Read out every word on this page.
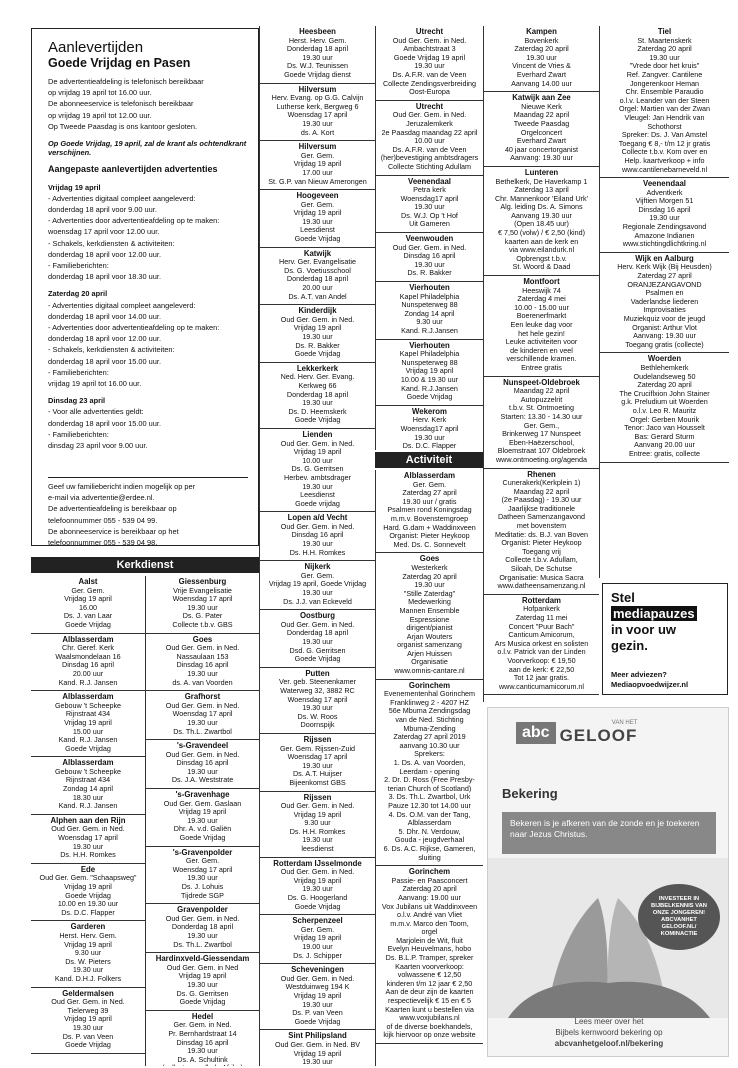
Aanlevertijden
Goede Vrijdag en Pasen

De advertentieafdeling is telefonisch bereikbaar

op vrijdag 19 april tot 16.00 uur.

De abonneeservice is telefonisch bereikbaar

op vrijdag 19 april tot 12.00 uur.

Op Tweede Paasdag is ons kantoor gesloten.

Op Goede Vrijdag, 19 april, zal de krant als ochtendkrant verschijnen.

Aangepaste aanlevertijden advertenties

Vrijdag 19 april

- Advertenties digitaal compleet aangeleverd:

donderdag 18 april voor 9.00 uur.

- Advertenties door advertentieafdeling op te maken:

woensdag 17 april voor 12.00 uur.

- Schakels, kerkdiensten & activiteiten:

donderdag 18 april voor 12.00 uur.

- Familieberichten:

donderdag 18 april voor 18.30 uur.

Zaterdag 20 april

- Advertenties digitaal compleet aangeleverd:

donderdag 18 april voor 14.00 uur.

- Advertenties door advertentieafdeling op te maken:

donderdag 18 april voor 12.00 uur.

- Schakels, kerkdiensten & activiteiten:

donderdag 18 april voor 15.00 uur.

- Familieberichten:

vrijdag 19 april tot 16.00 uur.

Dinsdag 23 april

- Voor alle advertenties geldt:

donderdag 18 april voor 15.00 uur.

- Familieberichten:

dinsdag 23 april voor 9.00 uur.

Geef uw familiebericht indien mogelijk op per

e-mail via advertentie@erdee.nl.

De advertentieafdeling is bereikbaar op

telefoonnummer 055 - 539 04 99.

De abonneeservice is bereikbaar op het

telefoonnummer 055 - 539 04 98.

Kerkdienst
Activiteit
Aalst
Ger. Gem.
Vrijdag 19 april
16.00
Ds. J. van Laar
Goede Vrijdag
Alblasserdam
Chr. Geref. Kerk
Waalsmondelaan 16
Dinsdag 16 april
20.00 uur
Kand. R.J. Jansen
Alblasserdam
Gebouw 't Scheepke
Rijnstraat 434
Vrijdag 19 april
15.00 uur
Kand. R.J. Jansen
Goede Vrijdag
Alblasserdam
Gebouw 't Scheepke
Rijnstraat 434
Zondag 14 april
18.30 uur
Kand. R.J. Jansen
Alphen aan den Rijn
Oud Ger. Gem. in Ned.
Woensdag 17 april
19.30 uur
Ds. H.H. Romkes
Ede
Oud Ger. Gem. "Schaapsweg"
Vrijdag 19 april
Goede Vrijdag
10.00 en 19.30 uur
Ds. D.C. Flapper
Garderen
Herst. Herv. Gem.
Vrijdag 19 april
9.30 uur
Ds. W. Pieters
19.30 uur
Kand. D.H.J. Folkers
Geldermalsen
Oud Ger. Gem. in Ned.
Tielerweg 39
Vrijdag 19 april
19.30 uur
Ds. P. van Veen
Goede Vrijdag
Giessenburg
Vrije Evangelisatie
Woensdag 17 april
19.30 uur
Ds. G. Pater
Collecte t.b.v. GBS
Goes
Oud Ger. Gem. in Ned.
Nassaulaan 153
Dinsdag 16 april
19.30 uur
ds. A. van Voorden
Grafhorst
Oud Ger. Gem. in Ned.
Woensdag 17 april
19.30 uur
Ds. Th.L. Zwartbol
's-Gravendeel
Oud Ger. Gem. in Ned.
Dinsdag 16 april
19.30 uur
Ds. J.A. Weststrate
's-Gravenhage
Oud Ger. Gem. Gaslaan
Vrijdag 19 april
19.30 uur
Dhr. A. v.d. Galiën
Goede Vrijdag
's-Gravenpolder
Ger. Gem.
Woensdag 17 april
19.30 uur
Ds. J. Lohuis
Tijdrede SGP
Gravenpolder
Oud Ger. Gem. in Ned.
Donderdag 18 april
19.30 uur
Ds. Th.L. Zwartbol
Hardinxveld-Giessendam
Oud Ger. Gem. in Ned
Vrijdag 19 april
19.30 uur
Ds. G. Gerritsen
Goede Vrijdag
Hedel
Ger. Gem. in Ned.
Pr. Bernhardstraat 14
Dinsdag 16 april
19.30 uur
Ds. A. Schultink
Heesbeen
Herst. Herv. Gem.
Donderdag 18 april
19.30 uur
Ds. W.J. Teunissen
Goede Vrijdag dienst
Hilversum
Herv. Evang. op G.G. Calvijn
Lutherse kerk, Bergweg 6
Woensdag 17 april
19.30 uur
ds. A. Kort
Hilversum
Ger. Gem.
Vrijdag 19 april
17.00 uur
St. G.P. van Nieuw Amerongen
Hoogeveen
Ger. Gem.
Vrijdag 19 april
19.30 uur
Leesdienst
Goede Vrijdag
Katwijk
Herv. Ger. Evangelisatie
Ds. G. Voetiusschool
Donderdag 18 april
20.00 uur
Ds. A.T. van Andel
Kinderdijk
Oud Ger. Gem. in Ned.
Vrijdag 19 april
19.30 uur
Ds. R. Bakker
Goede Vrijdag
Lekkerkerk
Ned. Herv. Ger. Evang.
Kerkweg 66
Donderdag 18 april
19.30 uur
Ds. D. Heemskerk
Goede Vrijdag
Lienden
Oud Ger. Gem. in Ned.
Vrijdag 19 april
10.00 uur
Ds. G. Gerritsen
Herbev. ambtsdrager
19.30 uur
Leesdienst
Goede vrijdag
Lopen a/d Vecht
Oud Ger. Gem. in Ned.
Dinsdag 16 april
19.30 uur
Ds. H.H. Romkes
Nijkerk
Ger. Gem.
Vrijdag 19 april, Goede Vrijdag
19.30 uur
Ds. J.J. van Eckeveld
Oostburg
Oud Ger. Gem. in Ned.
Donderdag 18 april
19.30 uur
Dsd. G. Gerritsen
Goede Vrijdag
Putten
Ver. geb. Steenenkamer
Waterweg 32, 3882 RC
Woensdag 17 april
19.30 uur
Ds. W. Roos
Doornspijk
Rijssen
Ger. Gem. Rijssen-Zuid
Woensdag 17 april
19.30 uur
Ds. A.T. Huijser
Bijeenkomst GBS
Rijssen
Oud Ger. Gem. in Ned.
Vrijdag 19 april
9.30 uur
Ds. H.H. Romkes
19.30 uur
leesdienst
Rotterdam IJsselmonde
Oud Ger. Gem. in Ned.
Vrijdag 19 april
19.30 uur
Ds. G. Hoogerland
Goede Vrijdag
Scherpenzeel
Ger. Gem.
Vrijdag 19 april
19.00 uur
Ds. J. Schipper
Scheveningen
Oud Ger. Gem. in Ned.
Westduinweg 194 K
Vrijdag 19 april
19.30 uur
Ds. P. van Veen
Goede Vrijdag
Sint Philipsland
Oud Ger. Gem. in Ned. BV
Vrijdag 19 april
19.30 uur
Utrecht
Oud Ger. Gem. in Ned.
Ambachtstraat 3
Goede Vrijdag 19 april
19.30 uur
Ds. A.F.R. van de Veen
Collecte Zendingsverbreiding
Oost-Europa
Utrecht
Oud Ger. Gem. in Ned.
Jeruzalemkerk
2e Paasdag maandag 22 april
10.00 uur
Ds. A.F.R. van de Veen
(her)bevestiging ambtsdragers
Collecte Stichting Adullam
Veenendaal
Petra kerk
Woensdag17 april
19.30 uur
Ds. W.J. Op 't Hof
Uit Gameren
Veenwouden
Oud Ger. Gem. in Ned.
Dinsdag 16 april
19.30 uur
Ds. R. Bakker
Vierhouten
Kapel Philadelphia
Nunspeterweg 88
Zondag 14 april
9.30 uur
Kand. R.J.Jansen
Vierhouten
Kapel Philadelphia
Nunspeterweg 88
Vrijdag 19 april
10.00 & 19.30 uur
Kand. R.J.Jansen
Goede Vrijdag
Wekerom
Herv. Kerk
Woensdag17 april
19.30 uur
Ds. D.C. Flapper
Alblasserdam
Ger. Gem.
Zaterdag 27 april
19.30 uur / gratis
Psalmen rond Koningsdag
m.m.v. Bovenstemgroep
Hard. G.dam + Waddinxveen
Organist: Pieter Heykoop
Med. Ds. C. Sonnevelt
Goes
Westerkerk
Zaterdag 20 april
19.30 uur
"Stille Zaterdag"
Medewerking
Mannen Ensemble
Espressione
dirigent/pianist
Arjan Wouters
organist samenzang
Arjen Huissen
Organisatie
www.omnis-cantare.nl
Gorinchem
Evenementenhal Gorinchem
Franklinweg 2 - 4207 HZ
56e Mbuma Zendingsdag
van de Ned. Stichting
Mbuma-Zending
Zaterdag 27 april 2019
aanvang 10.30 uur
Sprekers:
1. Ds. A. van Voorden,
Leerdam - opening
2. Dr. D. Ross (Free Presby-
terian Church of Scotland)
3. Ds. Th.L. Zwartbol, Urk
Pauze 12.30 tot 14.00 uur
4. Ds. O.M. van der Tang,
Alblasserdam
5. Dhr. N. Verdouw,
Gouda - jeugdverhaal
6. Ds. A.C. Rijkse, Gameren,
sluiting
Gorinchem
Passie- en Paasconcert
Zaterdag 20 april
Aanvang: 19.00 uur
Vox Jubilans uit Waddinxveen
o.l.v. André van Vliet
m.m.v. Marco den Toom,
orgel
Marjolein de Wit, fluit
Evelyn Heuvelmans, hobo
Ds. B.L.P. Tramper, spreker
Kaarten voorverkoop:
volwassene € 12,50
kinderen t/m 12 jaar € 2,50
Aan de deur zijn de kaarten
respectievelijk € 15 en € 5
Kaarten kunt u bestellen via
www.voxjubilans.nl
of de diverse boekhandels,
kijk hiervoor op onze website
Kampen
Bovenkerk
Zaterdag 20 april
19.30 uur
Vincent de Vries &
Everhard Zwart
Aanvang 14.00 uur
Katwijk aan Zee
Nieuwe Kerk
Maandag 22 april
Tweede Paasdag
Orgelconcert
Everhard Zwart
40 jaar concertorganist
Aanvang: 19.30 uur
Lunteren
Bethelkerk, De Haverkamp 1
Zaterdag 13 april
Chr. Mannenkoor 'Eiland Urk'
Alg. leiding Ds. A. Simons
Aanvang 19.30 uur
(Open 18.45 uur)
€ 7,50 (volw) / € 2,50 (kind)
kaarten aan de kerk en
via www.eilandurk.nl
Opbrengst t.b.v.
St. Woord & Daad
Montfoort
Heeswijk 74
Zaterdag 4 mei
10.00 - 15.00 uur
Boerenerfmarkt
Een leuke dag voor
het hele gezin!
Leuke activiteiten voor
de kinderen en veel
verschillende kramen.
Entree gratis
Nunspeet-Oldebroek
Maandag 22 april
Autopuzzelrit
t.b.v. St. Ontmoeting
Starten: 13.30 - 14.30 uur
Ger. Gem.,
Brinkerweg 17 Nunspeet
Eben-Haëzerschool,
Bloemstraat 107 Oldebroek
www.ontmoeting.org/agenda
Rhenen
Cunerakerk(Kerkplein 1)
Maandag 22 april
(2e Paasdag) - 19.30 uur
Jaarlijkse traditionele
Datheen Samenzangavond
met bovenstem
Meditatie: ds. B.J. van Boven
Organist: Pieter Heykoop
Toegang vrij
Collecte t.b.v. Adullam,
Siloah, De Schutse
Organisatie: Musica Sacra
www.datheensamenzang.nl
Rotterdam
Hofpankerk
Zaterdag 11 mei
Concert "Puur Bach"
Canticum Amicorum,
Ars Musica orkest en solisten
o.l.v. Patrick van der Linden
Voorverkoop: € 19,50
aan de kerk: € 22,50
Tot 12 jaar gratis.
www.canticumamicorum.nl
Tiel
St. Maartenskerk
Zaterdag 20 april
19.30 uur
"Vrede door het kruis"
Ref. Zangver. Cantilene
Jongerenkoor Heman
Chr. Ensemble Paraudio
o.l.v. Leander van der Steen
Orgel: Martien van der Zwan
Vleugel: Jan Hendrik van
Schothorst
Spreker: Ds. J. Van Amstel
Toegang € 8,- t/m 12 jr gratis
Collecte t.b.v. Kom over en
Help. kaartverkoop + info
www.cantilenebarneveld.nl
Veenendaal
Adventkerk
Vijftien Morgen 51
Dinsdag 16 april
19.30 uur
Regionale Zendingsavond
Amazone Indianen
www.stichtingdlichtkring.nl
Wijk en Aalburg
Herv. Kerk Wijk (Bij Heusden)
Zaterdag 27 april
ORANJEZANGAVOND
Psalmen en
Vaderlandse liederen
Improvisaties
Muziekquiz voor de jeugd
Organist: Arthur Vlot
Aanvang: 19.30 uur
Toegang gratis (collecte)
Woerden
Bethlehemkerk
Oudelandseweg 50
Zaterdag 20 april
The Cruciflxion John Stainer
g.k. Preludium uit Woerden
o.l.v. Leo R. Mauritz
Orgel: Gerben Mourik
Tenor: Jaco van Housselt
Bas: Gerard Sturm
Aanvang 20.00 uur
Entree: gratis, collecte
Stel
mediapauzes
in voor uw
gezin.
Meer adviezen?
Mediaopvoedwijzer.nl
abc
VAN HET
GELOOF
Bekering
Bekeren is je afkeren van de zonde en je toekeren naar Jezus Christus.

INVESTEER IN

BIJBELKENNIS VAN

ONZE JONGEREN!

ABCVANHET

GELOOF.NL/

KOMINACTIE

Lees meer over het
Bijbels kernwoord bekering op
abcvanhetgeloof.nl/bekering
